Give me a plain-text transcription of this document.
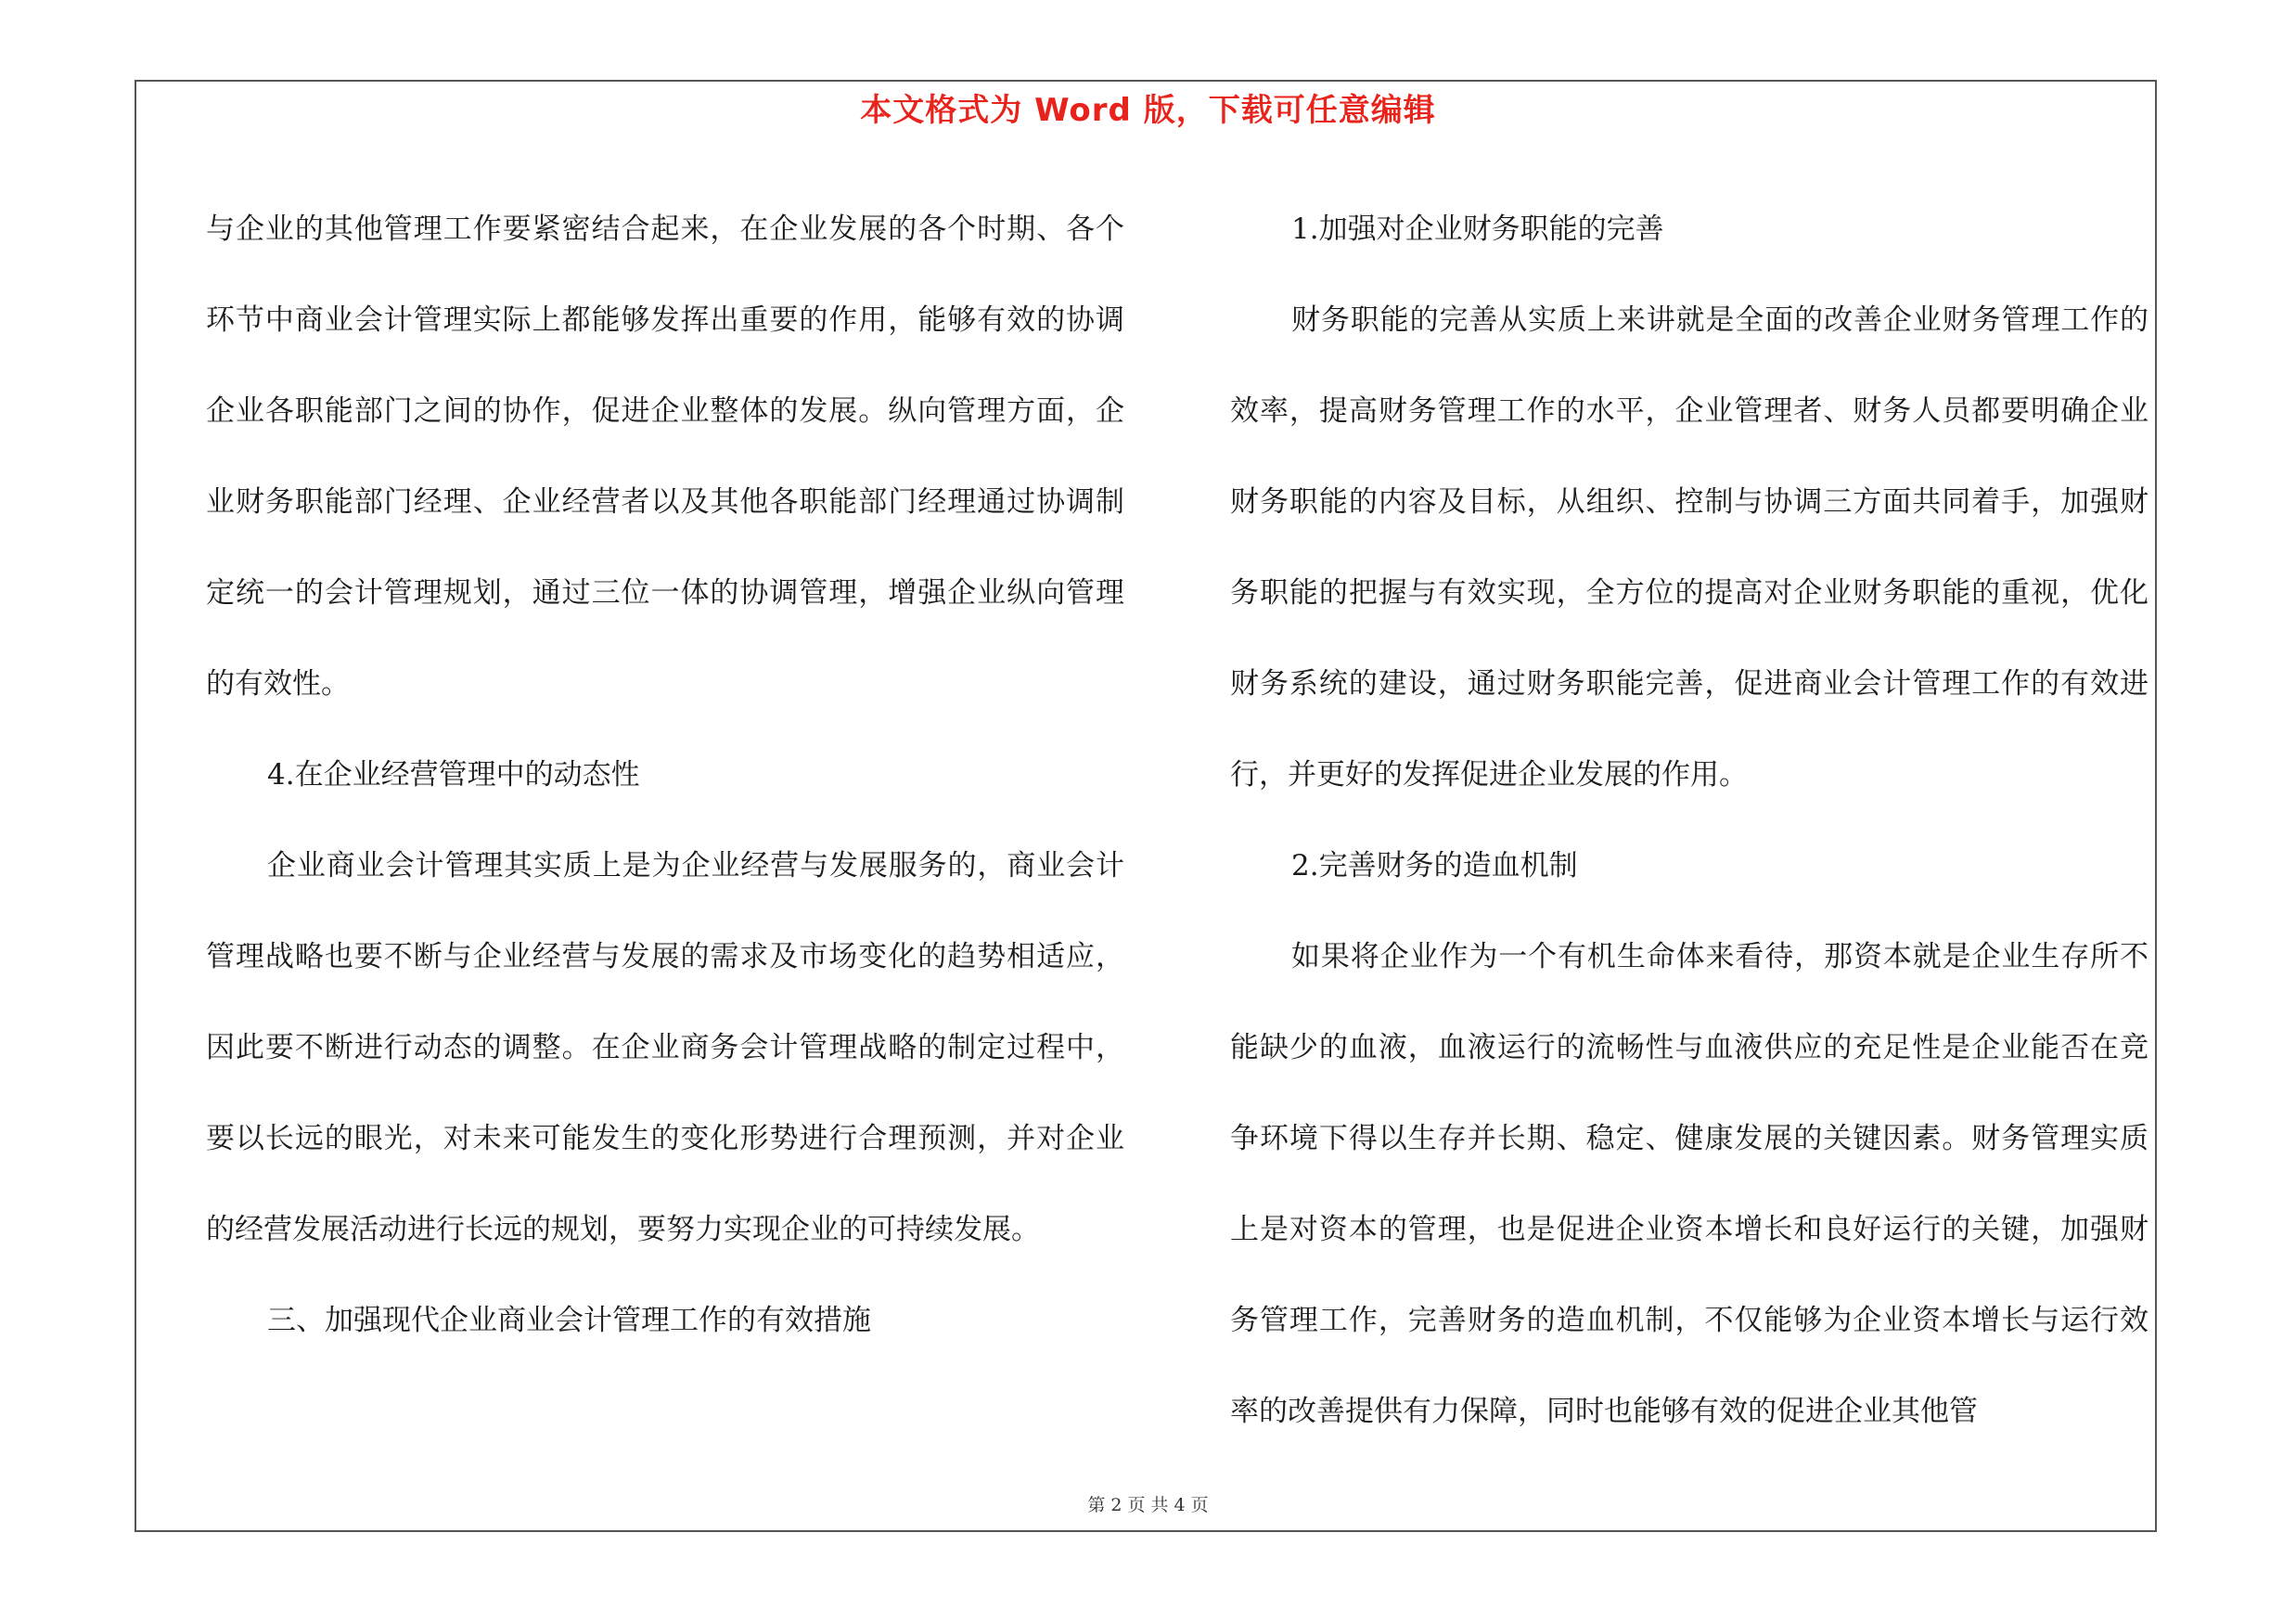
本文格式为 Word 版，下载可任意编辑

与企业的其他管理工作要紧密结合起来，在企业发展的各个时期、各个环节中商业会计管理实际上都能够发挥出重要的作用，能够有效的协调企业各职能部门之间的协作，促进企业整体的发展。纵向管理方面，企业财务职能部门经理、企业经营者以及其他各职能部门经理通过协调制定统一的会计管理规划，通过三位一体的协调管理，增强企业纵向管理的有效性。

4.在企业经营管理中的动态性

企业商业会计管理其实质上是为企业经营与发展服务的，商业会计管理战略也要不断与企业经营与发展的需求及市场变化的趋势相适应，因此要不断进行动态的调整。在企业商务会计管理战略的制定过程中，要以长远的眼光，对未来可能发生的变化形势进行合理预测，并对企业的经营发展活动进行长远的规划，要努力实现企业的可持续发展。

三、加强现代企业商业会计管理工作的有效措施

1.加强对企业财务职能的完善

财务职能的完善从实质上来讲就是全面的改善企业财务管理工作的效率，提高财务管理工作的水平，企业管理者、财务人员都要明确企业财务职能的内容及目标，从组织、控制与协调三方面共同着手，加强财务职能的把握与有效实现，全方位的提高对企业财务职能的重视，优化财务系统的建设，通过财务职能完善，促进商业会计管理工作的有效进行，并更好的发挥促进企业发展的作用。

2.完善财务的造血机制

如果将企业作为一个有机生命体来看待，那资本就是企业生存所不能缺少的血液，血液运行的流畅性与血液供应的充足性是企业能否在竞争环境下得以生存并长期、稳定、健康发展的关键因素。财务管理实质上是对资本的管理，也是促进企业资本增长和良好运行的关键，加强财务管理工作，完善财务的造血机制，不仅能够为企业资本增长与运行效率的改善提供有力保障，同时也能够有效的促进企业其他管

第 2 页 共 4 页
